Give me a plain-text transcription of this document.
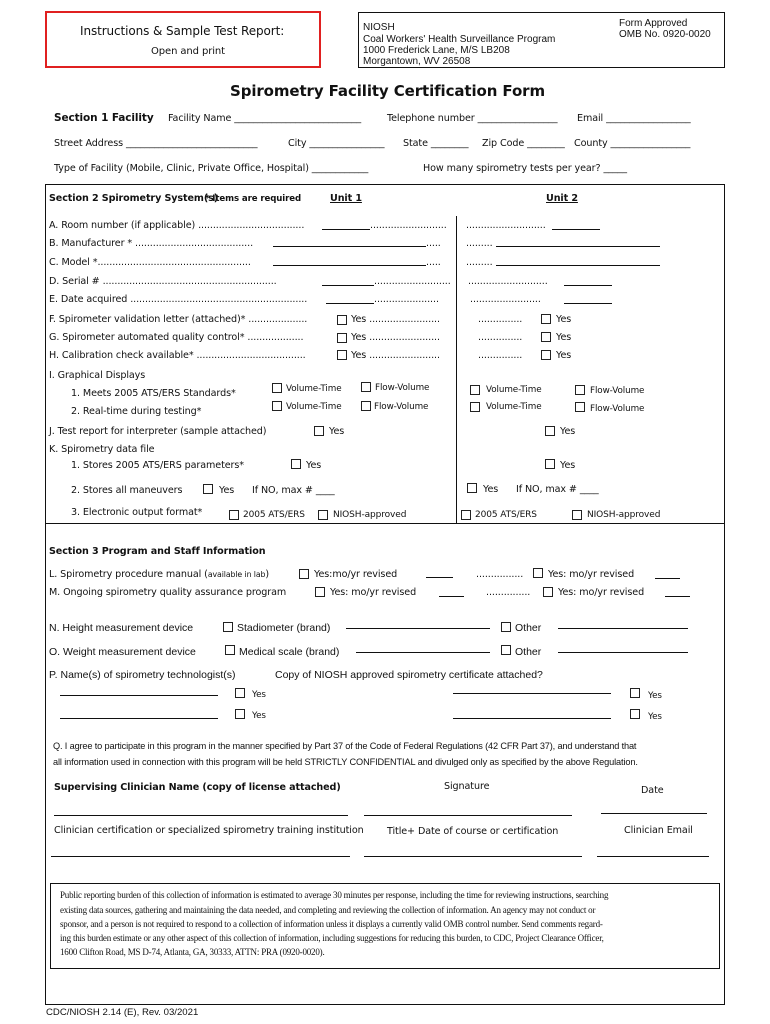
Instructions & Sample Test Report:
Open and print
NIOSH
Coal Workers' Health Surveillance Program
1000 Frederick Lane, M/S LB208
Morgantown, WV 26508
Form Approved
OMB No. 0920-0020
Spirometry Facility Certification Form
Section 1 Facility Facility Name ___________________________	Telephone number _________________ Email __________________
Street Address ____________________________	City ________________ State ________ Zip Code ________ County _________________
Type of Facility (Mobile, Clinic, Private Office, Hospital) ____________	How many spirometry tests per year? _____
Section 2 Spirometry System(s)
* Items are required	Unit 1	Unit 2
A. Room number (if applicable) ....................................	.......................... ...........................
B. Manufacturer * ........................................	.....	.........
C. Model *....................................................	.....	.........
D. Serial # ...........................................................	.......................... ...........................
E. Date acquired ............................................................	......................	........................
F. Spirometer validation letter (attached)* ....................	Yes ........................	...............	Yes
G. Spirometer automated quality control* ...................	Yes ........................	...............	Yes
H. Calibration check available* .....................................	Yes ........................	...............	Yes
I. Graphical Displays
1. Meets 2005 ATS/ERS Standards*	Volume-Time	Flow-Volume	Volume-Time	Flow-Volume
2. Real-time during testing*	Volume-Time	Flow-Volume	Volume-Time	Flow-Volume
J. Test report for interpreter (sample attached)	Yes	Yes
K. Spirometry data file
1. Stores 2005 ATS/ERS parameters*	Yes	Yes
2. Stores all maneuvers	Yes If NO, max # ____	Yes If NO, max # ____
3. Electronic output format*	2005 ATS/ERS	NIOSH-approved	2005 ATS/ERS	NIOSH-approved
Section 3 Program and Staff Information
L. Spirometry procedure manual (available in lab)	Yes:mo/yr revised	................	Yes: mo/yr revised
M. Ongoing spirometry quality assurance program	Yes: mo/yr revised	...............	Yes: mo/yr revised
N. Height measurement device	Stadiometer (brand)	Other
O. Weight measurement device	Medical scale (brand)	Other
P. Name(s) of spirometry technologist(s)	Copy of NIOSH approved spirometry certificate attached?
Yes	Yes
Yes	Yes
Q. I agree to participate in this program in the manner specified by Part 37 of the Code of Federal Regulations (42 CFR Part 37), and understand that
all information used in connection with this program will be held STRICTLY CONFIDENTIAL and divulged only as specified by the above Regulation.
Supervising Clinician Name (copy of license attached)	Signature	Date
Clinician certification or specialized spirometry training institution Title+ Date of course or certification	Clinician Email
Public reporting burden of this collection of information is estimated to average 30 minutes per response, including the time for reviewing instructions, searching
existing data sources, gathering and maintaining the data needed, and completing and reviewing the collection of information. An agency may not conduct or
sponsor, and a person is not required to respond to a collection of information unless it displays a currently valid OMB control number. Send comments regard-
ing this burden estimate or any other aspect of this collection of information, including suggestions for reducing this burden, to CDC, Project Clearance Officer,
1600 Clifton Road, MS D-74, Atlanta, GA, 30333, ATTN: PRA (0920-0020).
CDC/NIOSH 2.14 (E), Rev. 03/2021
